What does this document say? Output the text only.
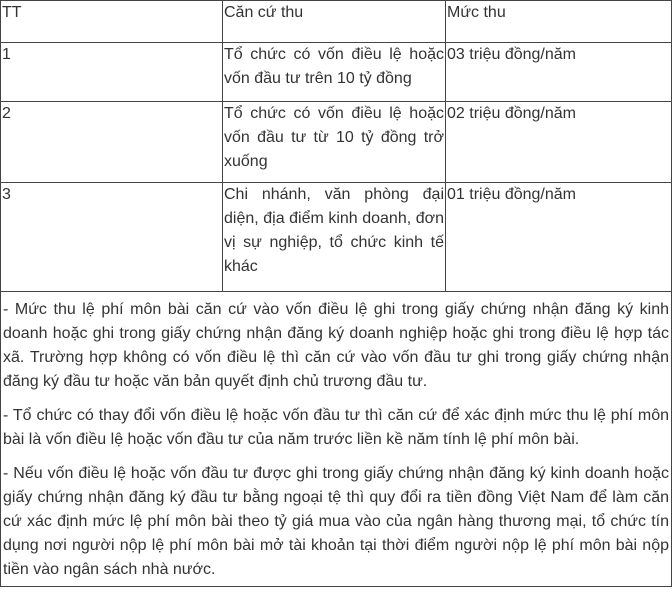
TT	Căn cứ thu	Mức thu
1	Tổ chức có vốn điều lệ hoặc vốn đầu tư trên 10 tỷ đồng	03 triệu đồng/năm
2	Tổ chức có vốn điều lệ hoặc vốn đầu tư từ 10 tỷ đồng trở xuống	02 triệu đồng/năm
3	Chi nhánh, văn phòng đại diện, địa điểm kinh doanh, đơn vị sự nghiệp, tổ chức kinh tế khác	01 triệu đồng/năm

- Mức thu lệ phí môn bài căn cứ vào vốn điều lệ ghi trong giấy chứng nhận đăng ký kinh doanh hoặc ghi trong giấy chứng nhận đăng ký doanh nghiệp hoặc ghi trong điều lệ hợp tác xã. Trường hợp không có vốn điều lệ thì căn cứ vào vốn đầu tư ghi trong giấy chứng nhận đăng ký đầu tư hoặc văn bản quyết định chủ trương đầu tư.

- Tổ chức có thay đổi vốn điều lệ hoặc vốn đầu tư thì căn cứ để xác định mức thu lệ phí môn bài là vốn điều lệ hoặc vốn đầu tư của năm trước liền kề năm tính lệ phí môn bài.

- Nếu vốn điều lệ hoặc vốn đầu tư được ghi trong giấy chứng nhận đăng ký kinh doanh hoặc giấy chứng nhận đăng ký đầu tư bằng ngoại tệ thì quy đổi ra tiền đồng Việt Nam để làm căn cứ xác định mức lệ phí môn bài theo tỷ giá mua vào của ngân hàng thương mại, tổ chức tín dụng nơi người nộp lệ phí môn bài mở tài khoản tại thời điểm người nộp lệ phí môn bài nộp tiền vào ngân sách nhà nước.		
